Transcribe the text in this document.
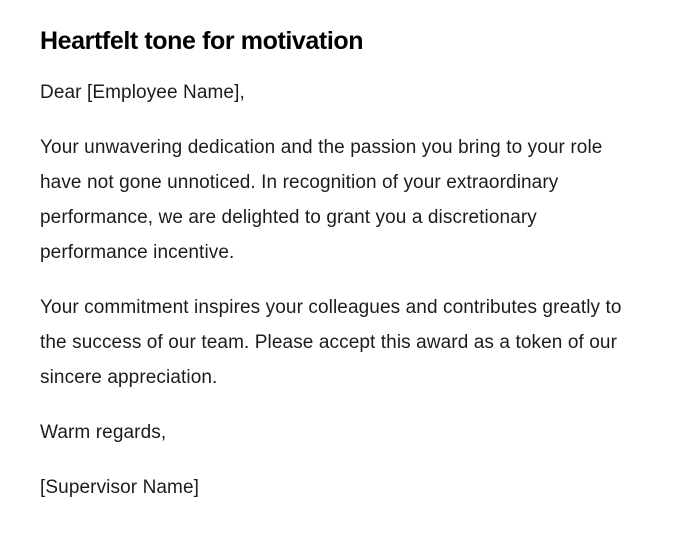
Heartfelt tone for motivation

Dear [Employee Name],

Your unwavering dedication and the passion you bring to your role have not gone unnoticed. In recognition of your extraordinary performance, we are delighted to grant you a discretionary performance incentive.

Your commitment inspires your colleagues and contributes greatly to the success of our team. Please accept this award as a token of our sincere appreciation.

Warm regards,

[Supervisor Name]
